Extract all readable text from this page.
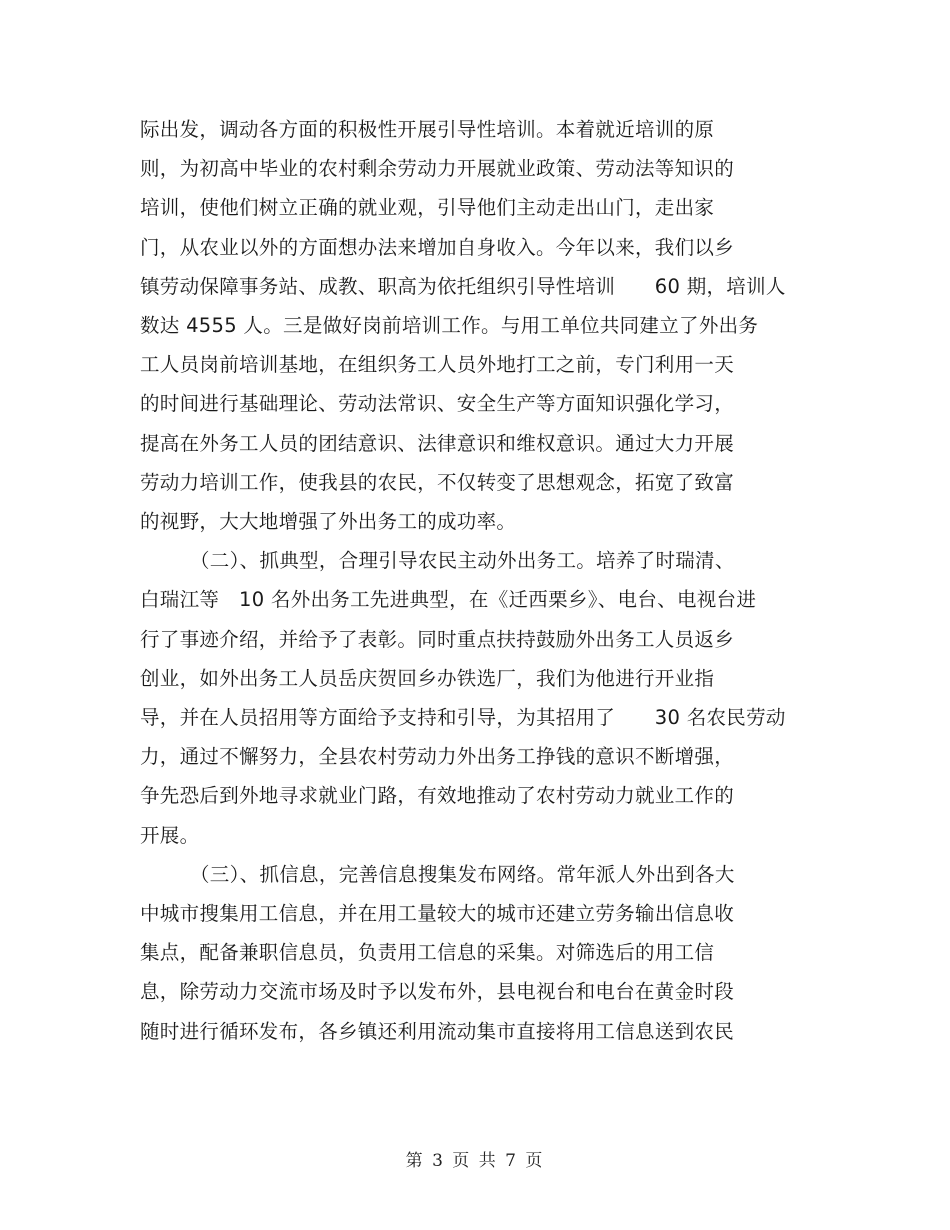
际出发，调动各方面的积极性开展引导性培训。本着就近培训的原
则，为初高中毕业的农村剩余劳动力开展就业政策、劳动法等知识的
培训，使他们树立正确的就业观，引导他们主动走出山门，走出家
门，从农业以外的方面想办法来增加自身收入。今年以来，我们以乡
镇劳动保障事务站、成教、职高为依托组织引导性培训　　60 期，培训人
数达 4555 人。三是做好岗前培训工作。与用工单位共同建立了外出务
工人员岗前培训基地，在组织务工人员外地打工之前，专门利用一天
的时间进行基础理论、劳动法常识、安全生产等方面知识强化学习，
提高在外务工人员的团结意识、法律意识和维权意识。通过大力开展
劳动力培训工作，使我县的农民，不仅转变了思想观念，拓宽了致富
的视野，大大地增强了外出务工的成功率。
（二）、抓典型，合理引导农民主动外出务工。培养了时瑞清、
白瑞江等　10 名外出务工先进典型，在《迁西栗乡》、电台、电视台进
行了事迹介绍，并给予了表彰。同时重点扶持鼓励外出务工人员返乡
创业，如外出务工人员岳庆贺回乡办铁选厂，我们为他进行开业指
导，并在人员招用等方面给予支持和引导，为其招用了　　30 名农民劳动
力，通过不懈努力，全县农村劳动力外出务工挣钱的意识不断增强，
争先恐后到外地寻求就业门路，有效地推动了农村劳动力就业工作的
开展。
（三）、抓信息，完善信息搜集发布网络。常年派人外出到各大
中城市搜集用工信息，并在用工量较大的城市还建立劳务输出信息收
集点，配备兼职信息员，负责用工信息的采集。对筛选后的用工信
息，除劳动力交流市场及时予以发布外，县电视台和电台在黄金时段
随时进行循环发布，各乡镇还利用流动集市直接将用工信息送到农民
第 3 页 共 7 页
